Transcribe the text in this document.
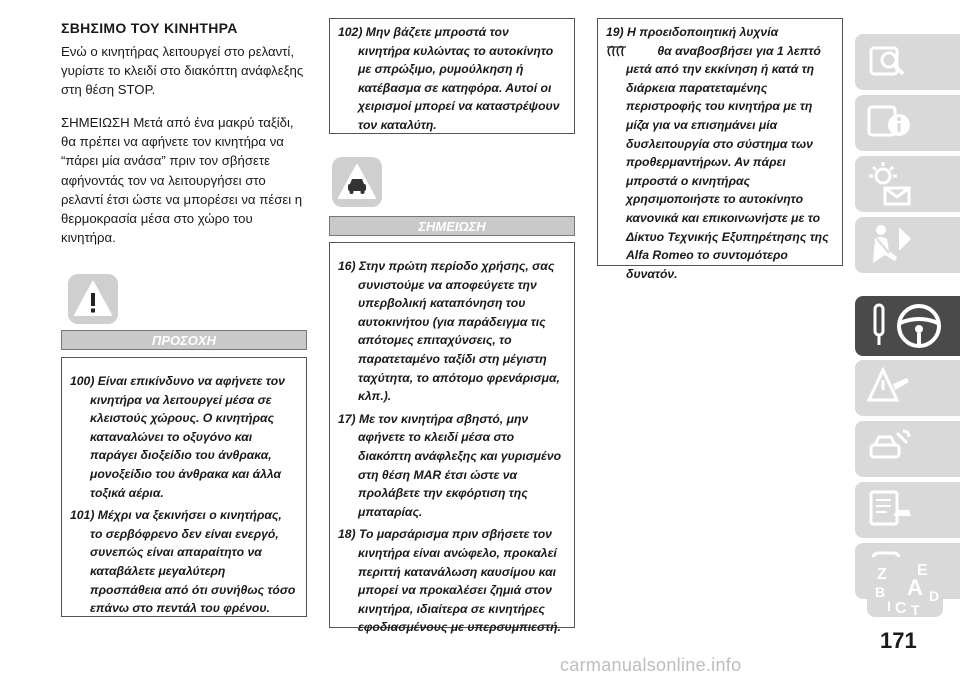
ΣΒΗΣΙΜΟ ΤΟΥ ΚΙΝΗΤΗΡΑ
Ενώ ο κινητήρας λειτουργεί στο ρελαντί, γυρίστε το κλειδί στο διακόπτη ανάφλεξης στη θέση STOP.
ΣΗΜΕΙΩΣΗ Μετά από ένα μακρύ ταξίδι, θα πρέπει να αφήνετε τον κινητήρα να “πάρει μία ανάσα” πριν τον σβήσετε αφήνοντάς τον να λειτουργήσει στο ρελαντί έτσι ώστε να μπορέσει να πέσει η θερμοκρασία μέσα στο χώρο του κινητήρα.
ΠΡΟΣΟΧΗ

100) Είναι επικίνδυνο να αφήνετε τον κινητήρα να λειτουργεί μέσα σε κλειστούς χώρους. Ο κινητήρας καταναλώνει το οξυγόνο και παράγει διοξείδιο του άνθρακα, μονοξείδιο του άνθρακα και άλλα τοξικά αέρια.

101) Μέχρι να ξεκινήσει ο κινητήρας, το σερβόφρενο δεν είναι ενεργό, συνεπώς είναι απαραίτητο να καταβάλετε μεγαλύτερη προσπάθεια από ότι συνήθως τόσο επάνω στο πεντάλ του φρένου.

102) Μην βάζετε μπροστά τον κινητήρα κυλώντας το αυτοκίνητο με σπρώξιμο, ρυμούλκηση ή κατέβασμα σε κατηφόρα. Αυτοί οι χειρισμοί μπορεί να καταστρέψουν τον καταλύτη.

ΣΗΜΕΙΩΣΗ

16) Στην πρώτη περίοδο χρήσης, σας συνιστούμε να αποφεύγετε την υπερβολική καταπόνηση του αυτοκινήτου (για παράδειγμα τις απότομες επιταχύνσεις, το παρατεταμένο ταξίδι στη μέγιστη ταχύτητα, το απότομο φρενάρισμα, κλπ.).

17) Με τον κινητήρα σβηστό, μην αφήνετε το κλειδί μέσα στο διακόπτη ανάφλεξης και γυρισμένο στη θέση MAR έτσι ώστε να προλάβετε την εκφόρτιση της μπαταρίας.

18) Το μαρσάρισμα πριν σβήσετε τον κινητήρα είναι ανώφελο, προκαλεί περιττή κατανάλωση καυσίμου και μπορεί να προκαλέσει ζημιά στον κινητήρα, ιδιαίτερα σε κινητήρες εφοδιασμένους με υπερσυμπιεστή.

19) Η προειδοποιητική λυχνία
θα αναβοσβήσει για 1 λεπτό μετά από την εκκίνηση ή κατά τη διάρκεια παρατεταμένης περιστροφής του κινητήρα με τη μίζα για να επισημάνει μία δυσλειτουργία στο σύστημα των προθερμαντήρων. Αν πάρει μπροστά ο κινητήρας χρησιμοποιήστε το αυτοκίνητο κανονικά και επικοινωνήστε με το Δίκτυο Τεχνικής Εξυπηρέτησης της Alfa Romeo το συντομότερο δυνατόν.

Z E
B A D
I C T
171
carmanualsonline.info
